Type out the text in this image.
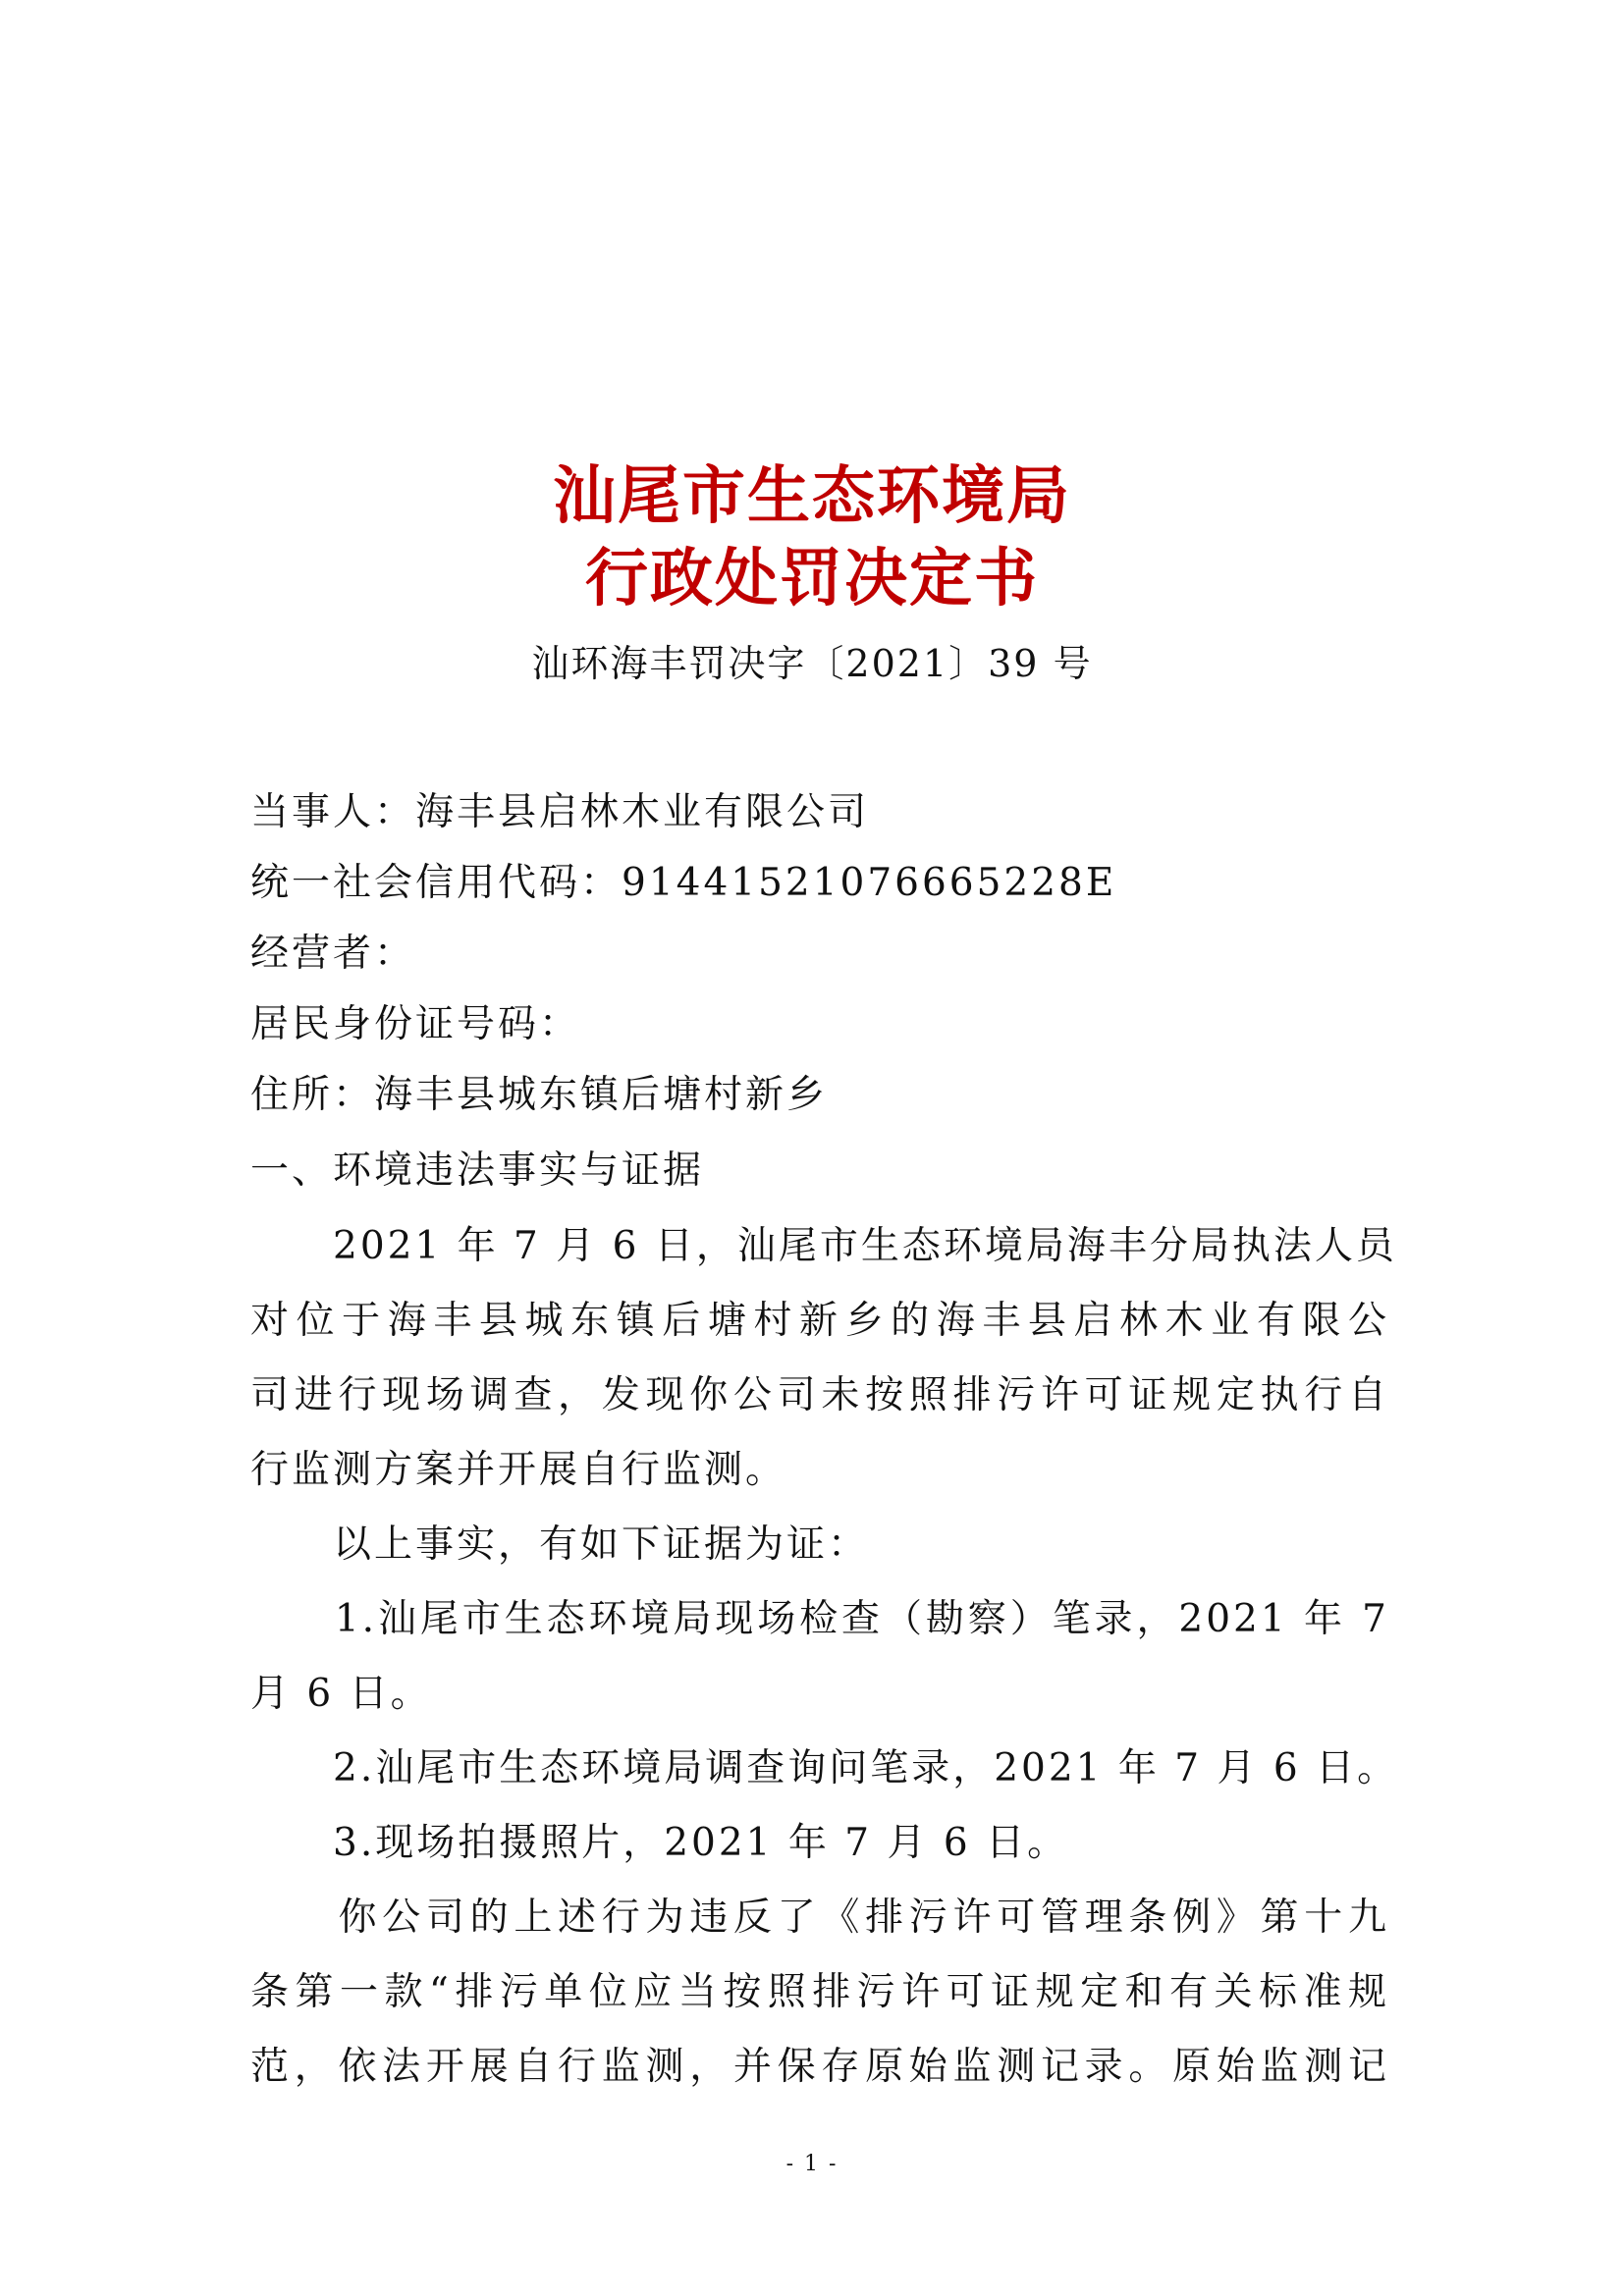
汕尾市生态环境局
行政处罚决定书
汕环海丰罚决字〔2021〕39 号
当事人：海丰县启林木业有限公司
统一社会信用代码：91441521076665228E
经营者：
居民身份证号码：
住所：海丰县城东镇后塘村新乡
一、环境违法事实与证据
　　2021 年 7 月 6 日，汕尾市生态环境局海丰分局执法人员
对位于海丰县城东镇后塘村新乡的海丰县启林木业有限公
司进行现场调查，发现你公司未按照排污许可证规定执行自
行监测方案并开展自行监测。
　　以上事实，有如下证据为证：
　　1.汕尾市生态环境局现场检查（勘察）笔录，2021 年 7
月 6 日。
　　2.汕尾市生态环境局调查询问笔录，2021 年 7 月 6 日。
　　3.现场拍摄照片，2021 年 7 月 6 日。
　　你公司的上述行为违反了《排污许可管理条例》第十九
条第一款“排污单位应当按照排污许可证规定和有关标准规
范，依法开展自行监测，并保存原始监测记录。原始监测记
- 1 -
